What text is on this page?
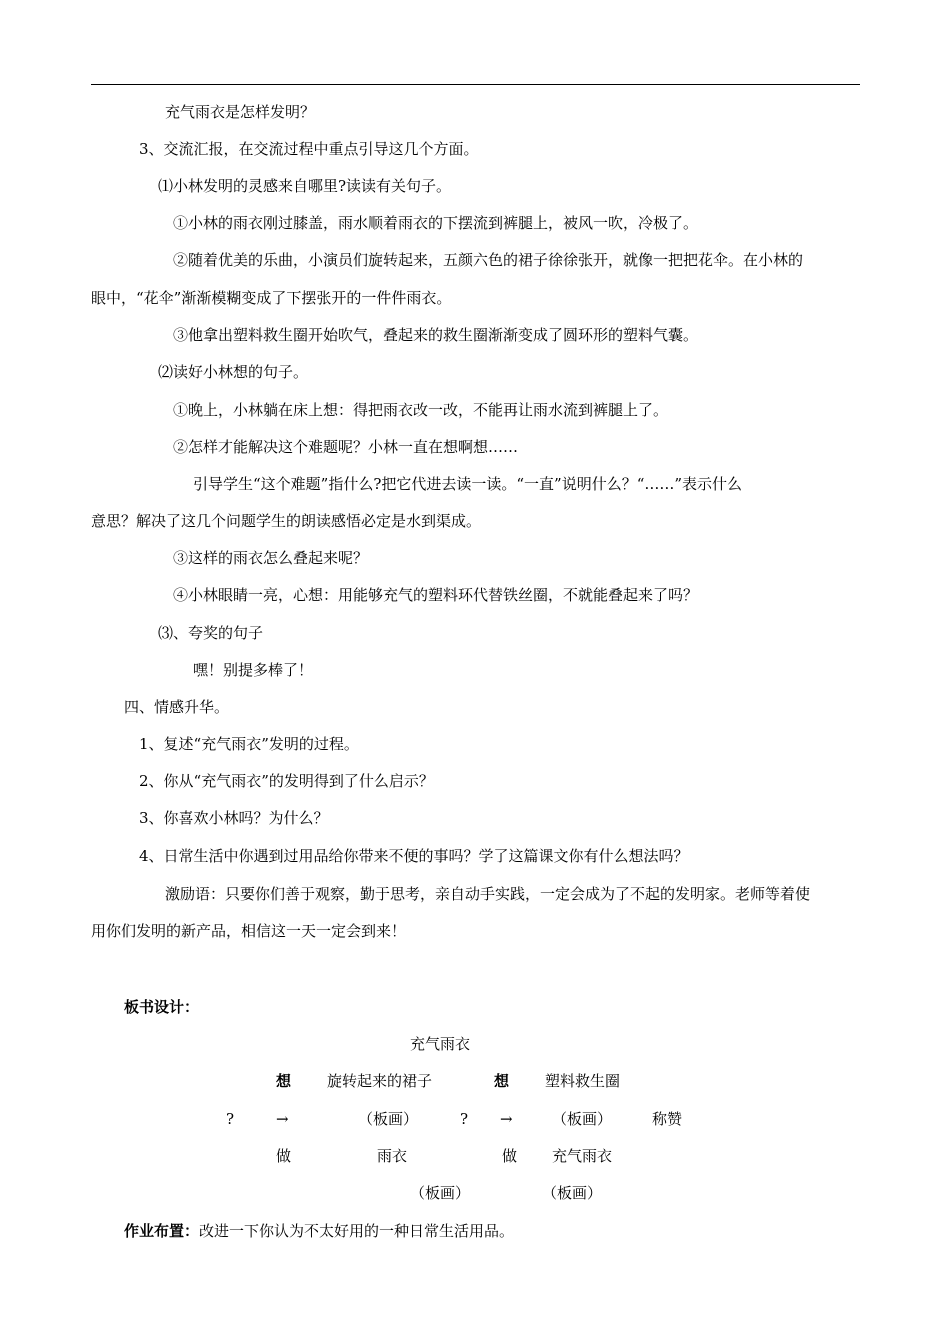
充气雨衣是怎样发明？
3、交流汇报，在交流过程中重点引导这几个方面。
⑴小林发明的灵感来自哪里?读读有关句子。
①小林的雨衣刚过膝盖，雨水顺着雨衣的下摆流到裤腿上，被风一吹，冷极了。
②随着优美的乐曲，小演员们旋转起来，五颜六色的裙子徐徐张开，就像一把把花伞。在小林的
眼中，“花伞”渐渐模糊变成了下摆张开的一件件雨衣。
③他拿出塑料救生圈开始吹气，叠起来的救生圈渐渐变成了圆环形的塑料气囊。
⑵读好小林想的句子。
①晚上，小林躺在床上想：得把雨衣改一改，不能再让雨水流到裤腿上了。
②怎样才能解决这个难题呢？小林一直在想啊想……
引导学生“这个难题”指什么?把它代进去读一读。“一直”说明什么？“……”表示什么
意思？解决了这几个问题学生的朗读感悟必定是水到渠成。
③这样的雨衣怎么叠起来呢？
④小林眼睛一亮，心想：用能够充气的塑料环代替铁丝圈，不就能叠起来了吗？
⑶、夸奖的句子
嘿！别提多棒了！
四、情感升华。
1、复述“充气雨衣”发明的过程。
2、你从“充气雨衣”的发明得到了什么启示？
3、你喜欢小林吗？为什么？
4、日常生活中你遇到过用品给你带来不便的事吗？学了这篇课文你有什么想法吗？
激励语：只要你们善于观察，勤于思考，亲自动手实践，一定会成为了不起的发明家。老师等着使
用你们发明的新产品，相信这一天一定会到来！
板书设计：
充气雨衣
想 旋转起来的裙子	想 塑料救生圈
?	→	（板画）	? →	（板画）	称赞
做	雨衣	做 充气雨衣
（板画）	（板画）
作业布置：改进一下你认为不太好用的一种日常生活用品。
